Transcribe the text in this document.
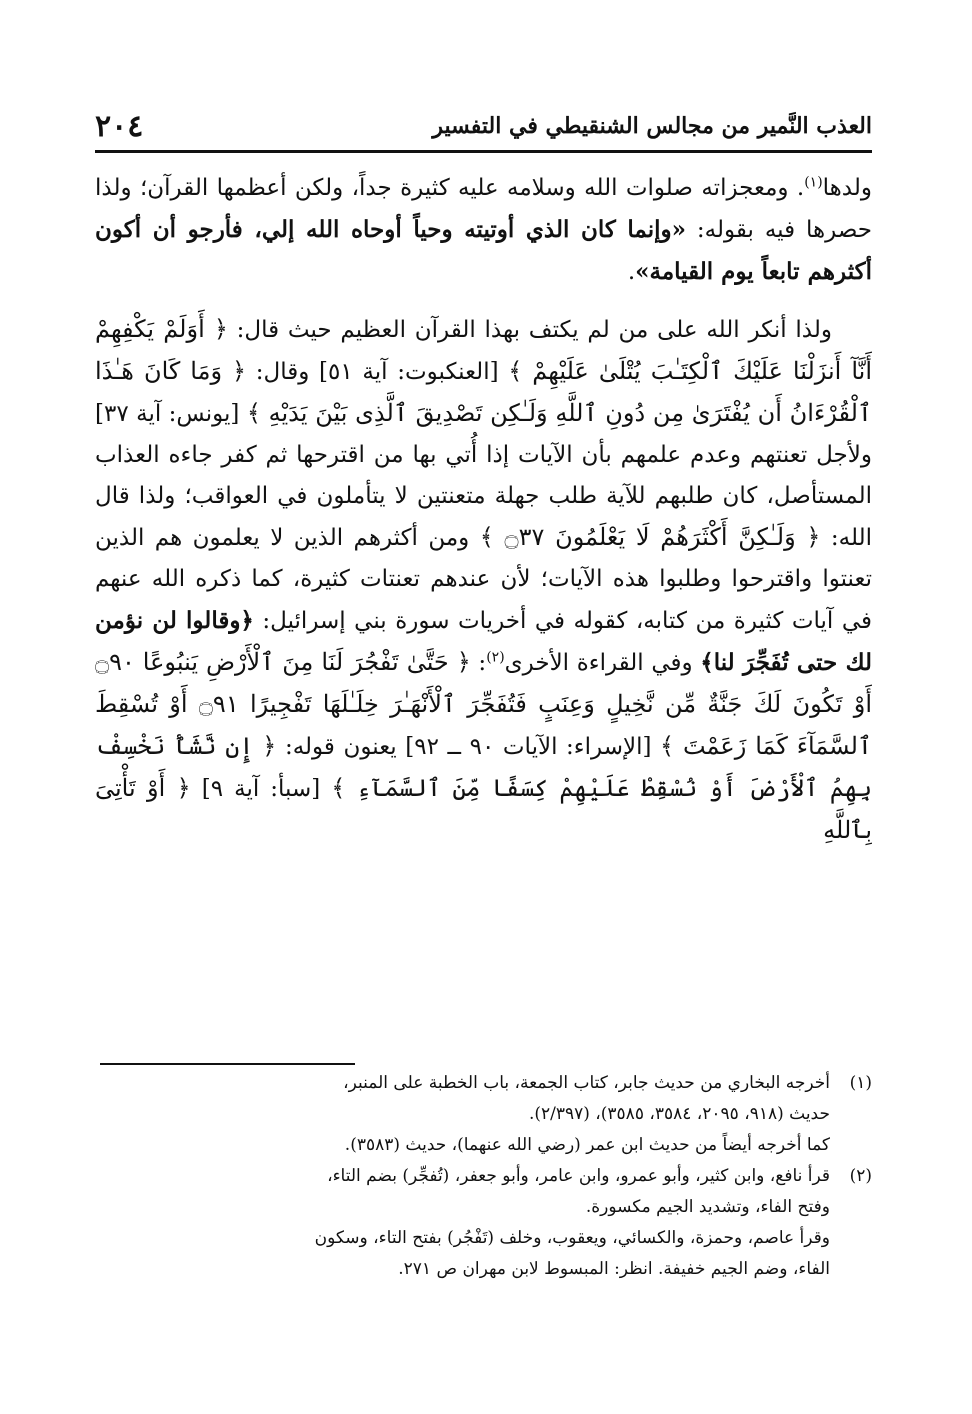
العذب النَّمير من مجالس الشنقيطي في التفسير
٢٠٤

ولدها$^{(١)}$. ومعجزاته صلوات الله وسلامه عليه كثيرة جداً، ولكن أعظمها القرآن؛ ولذا حصرها فيه بقوله: «وإنما كان الذي أوتيته وحياً أوحاه الله إلي، فأرجو أن أكون أكثرهم تابعاً يوم القيامة».

ولذا أنكر الله على من لم يكتف بهذا القرآن العظيم حيث قال: ﴿ أَوَلَمْ يَكْفِهِمْ أَنَّآ أَنزَلْنَا عَلَيْكَ ٱلْكِتَـٰبَ يُتْلَىٰ عَلَيْهِمْ ﴾ [العنكبوت: آية ٥١] وقال: ﴿ وَمَا كَانَ هَـٰذَا ٱلْقُرْءَانُ أَن يُفْتَرَىٰ مِن دُونِ ٱللَّهِ وَلَـٰكِن تَصْدِيقَ ٱلَّذِى بَيْنَ يَدَيْهِ ﴾ [يونس: آية ٣٧] ولأجل تعنتهم وعدم علمهم بأن الآيات إذا أُتي بها من اقترحها ثم كفر جاءه العذاب المستأصل، كان طلبهم للآية طلب جهلة متعنتين لا يتأملون في العواقب؛ ولذا قال الله: ﴿ وَلَـٰكِنَّ أَكْثَرَهُمْ لَا يَعْلَمُونَ ۝٣٧ ﴾ ومن أكثرهم الذين لا يعلمون هم الذين تعنتوا واقترحوا وطلبوا هذه الآيات؛ لأن عندهم تعنتات كثيرة، كما ذكره الله عنهم في آيات كثيرة من كتابه، كقوله في أخريات سورة بني إسرائيل: ﴿وقالوا لن نؤمن لك حتى تُفَجِّرَ لنا﴾ وفي القراءة الأخرى$^{(٢)}$: ﴿ حَتَّىٰ تَفْجُرَ لَنَا مِنَ ٱلْأَرْضِ يَنبُوعًا ۝٩٠ أَوْ تَكُونَ لَكَ جَنَّةٌ مِّن نَّخِيلٍ وَعِنَبٍ فَتُفَجِّرَ ٱلْأَنْهَـٰرَ خِلَـٰلَهَا تَفْجِيرًا ۝٩١ أَوْ تُسْقِطَ ٱلسَّمَآءَ كَمَا زَعَمْتَ ﴾ [الإسراء: الآيات ٩٠ ــ ٩٢] يعنون قوله: ﴿ إِن نَّشَأْ نَخْسِفْ بِهِمُ ٱلْأَرْضَ أَوْ نُسْقِطْ عَلَيْهِمْ كِسَفًا مِّنَ ٱلسَّمَآءِ ﴾ [سبأ: آية ٩] ﴿ أَوْ تَأْتِىَ بِٱللَّهِ

(١)
أخرجه البخاري من حديث جابر، كتاب الجمعة، باب الخطبة على المنبر،
حديث (٩١٨، ٢٠٩٥، ٣٥٨٤، ٣٥٨٥)، (٢/٣٩٧).
كما أخرجه أيضاً من حديث ابن عمر (رضي الله عنهما)، حديث (٣٥٨٣).
(٢)
قرأ نافع، وابن كثير، وأبو عمرو، وابن عامر، وأبو جعفر، (تُفجِّر) بضم التاء،
وفتح الفاء، وتشديد الجيم مكسورة.
وقرأ عاصم، وحمزة، والكسائي، ويعقوب، وخلف (تَفْجُر) بفتح التاء، وسكون
الفاء، وضم الجيم خفيفة. انظر: المبسوط لابن مهران ص ٢٧١.
